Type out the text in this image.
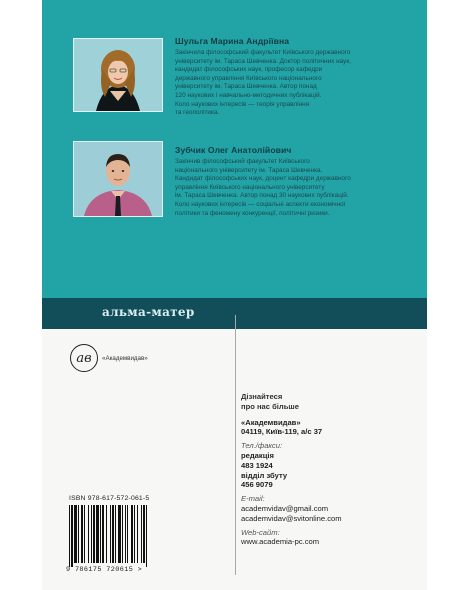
Шульга Марина Андріївна
Закінчила філософський факультет Київського державного
університету ім. Тараса Шевченка. Доктор політичних наук,
кандидат філософських наук, професор кафедри
державного управління Київського національного
університету ім. Тараса Шевченка. Автор понад
120 наукових і навчально-методичних публікацій.
Коло наукових інтересів — теорія управління
та геополітика.
Зубчик Олег Анатолійович
Закінчив філософський факультет Київського
національного університету ім. Тараса Шевченка.
Кандидат філософських наук, доцент кафедри державного
управління Київського національного університету
ім. Тараса Шевченка. Автор понад 30 наукових публікацій.
Коло наукових інтересів — соціальні аспекти економічної
політики та феномену конкуренції, політичні ризики.
альма-матер
ав «Академвидав»
ISBN 978-617-572-061-5
9 786175 720615 >
Дізнайтеся
про нас більше
«Академвидав»
04119, Київ-119, а/с 37
Тел./факси:
редакція
483 1924
відділ збуту
456 9079
E-mail:
academvidav@gmail.com
academvidav@svitonline.com
Web-сайт:
www.academia-pc.com
